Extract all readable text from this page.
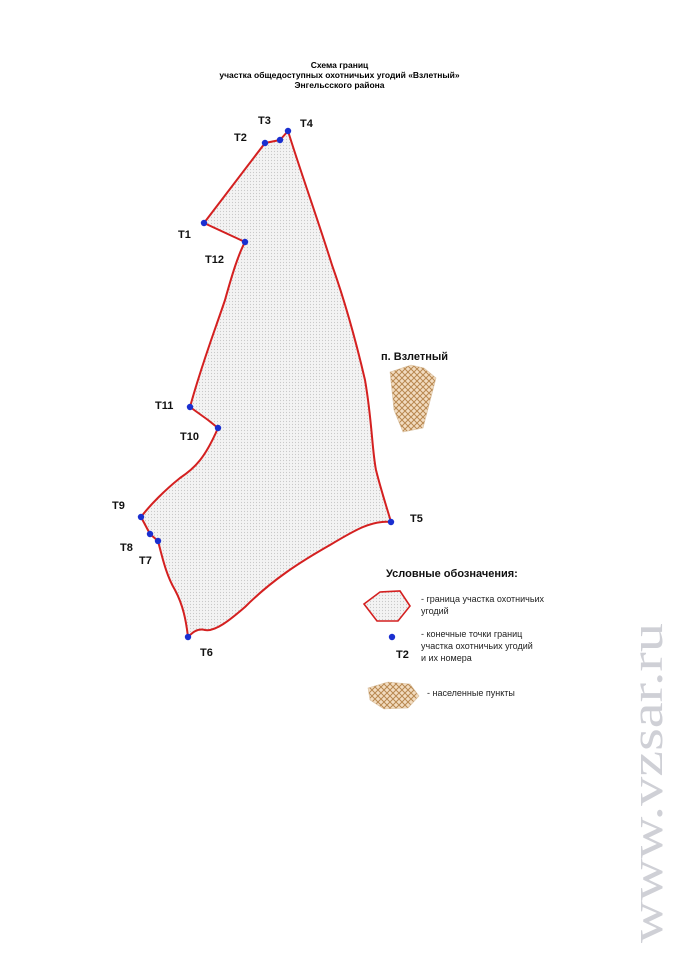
Схема границ
участка общедоступных охотничьих угодий «Взлетный»
Энгельсского района
п. Взлетный
T1
T2
T3	T4
T5
T6
T7
T8
T9
T10
T11
T12
T2
Условные обозначения:
- граница участка охотничьих
угодий
- конечные точки границ
участка охотничьих угодий
и их номера
- населенные пункты www.vzsar.ru
